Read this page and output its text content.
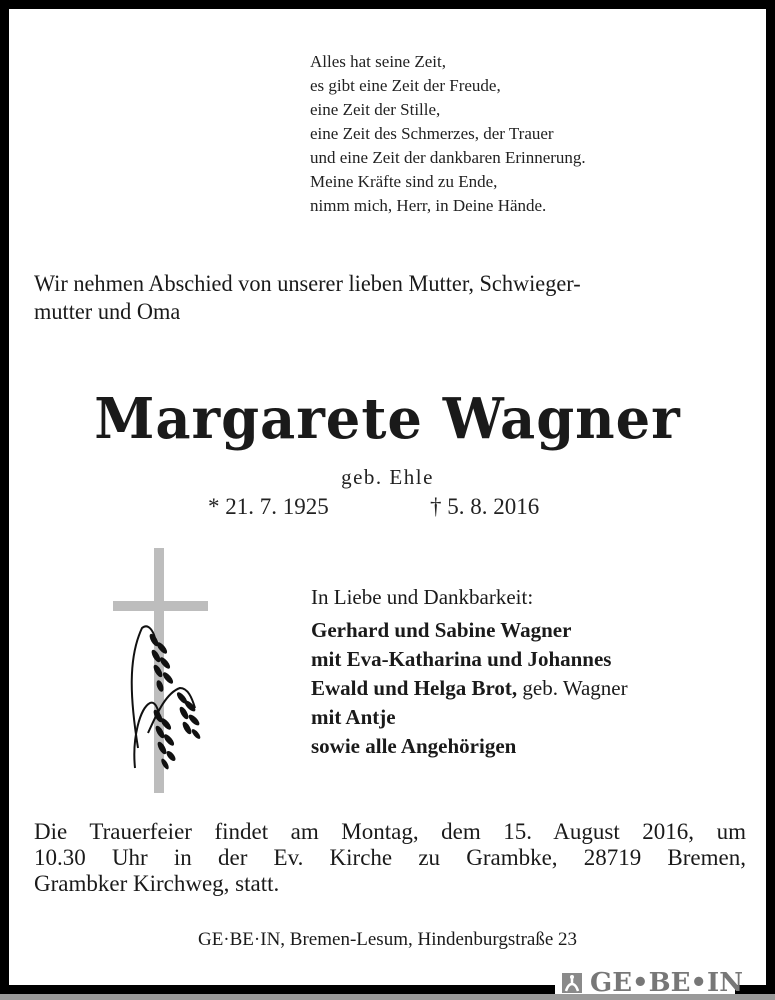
Alles hat seine Zeit,
es gibt eine Zeit der Freude,
eine Zeit der Stille,
eine Zeit des Schmerzes, der Trauer
und eine Zeit der dankbaren Erinnerung.
Meine Kräfte sind zu Ende,
nimm mich, Herr, in Deine Hände.
Wir nehmen Abschied von unserer lieben Mutter, Schwieger-
mutter und Oma
Margarete Wagner
geb. Ehle
* 21. 7. 1925	† 5. 8. 2016
In Liebe und Dankbarkeit:
Gerhard und Sabine Wagner
mit Eva-Katharina und Johannes
Ewald und Helga Brot, geb. Wagner
mit Antje
sowie alle Angehörigen
Die Trauerfeier findet am Montag, dem 15. August 2016, um
10.30 Uhr in der Ev. Kirche zu Grambke, 28719 Bremen,
Grambker Kirchweg, statt.
GE·BE·IN, Bremen-Lesum, Hindenburgstraße 23
GE•BE•IN
